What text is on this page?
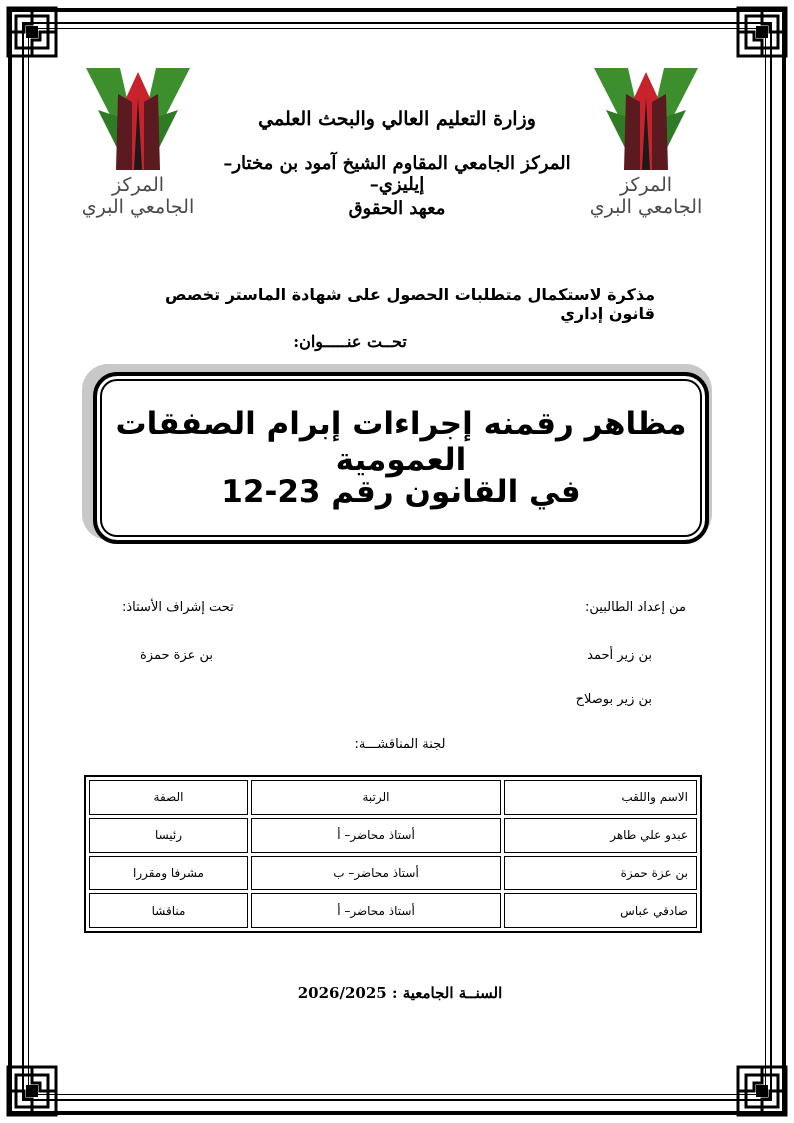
المركز الجامعي البري
المركز الجامعي البري
وزارة التعليم العالي والبحث العلمي
المركز الجامعي المقاوم الشيخ آمود بن مختار–إيليزي–
معهد الحقوق
مذكرة لاستكمال متطلبات الحصول على شهادة الماستر تخصص قانون إداري
تحــت عنـــــوان:
مظاهر رقمنه إجراءات إبرام الصفقات العمومية
في القانون رقم 23-12
من إعداد الطالبين:
تحت إشراف الأستاذ:
بن زير أحمد
بن زير بوصلاح
بن عزة حمزة
لجنة المناقشـــة:
الاسم واللقب	الرتبة	الصفة
عبدو علي طاهر	أستاذ محاضر– أ	رئيسا
بن عزة حمزة	أستاذ محاضر– ب	مشرفا ومقررا
صادقي عباس	أستاذ محاضر– أ	مناقشا
السنــة الجامعية : 2026/2025
